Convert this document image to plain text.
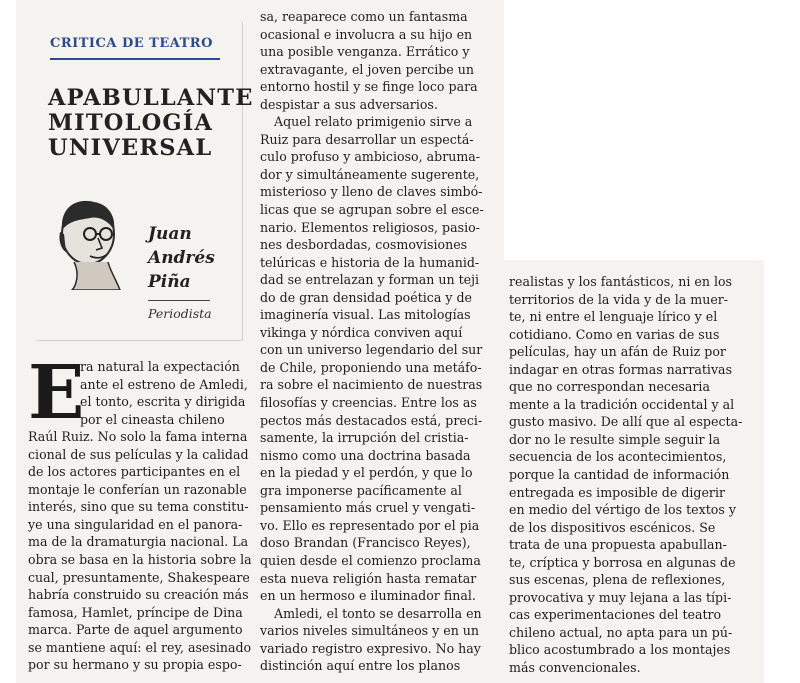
CRITICA DE TEATRO
APABULLANTE
MITOLOGÍA
UNIVERSAL
Juan
Andrés
Piña
Periodista
E
ra natural la expectación
ante el estreno de Amledi,
el tonto, escrita y dirigida
por el cineasta chileno
Raúl Ruiz. No solo la fama interna
cional de sus películas y la calidad
de los actores participantes en el
montaje le conferían un razonable
interés, sino que su tema constitu-
ye una singularidad en el panora-
ma de la dramaturgia nacional. La
obra se basa en la historia sobre la
cual, presuntamente, Shakespeare
habría construido su creación más
famosa, Hamlet, príncipe de Dina
marca. Parte de aquel argumento
se mantiene aquí: el rey, asesinado
por su hermano y su propia espo-
sa, reaparece como un fantasma
ocasional e involucra a su hijo en
una posible venganza. Errático y
extravagante, el joven percibe un
entorno hostil y se finge loco para
despistar a sus adversarios.
Aquel relato primigenio sirve a
Ruiz para desarrollar un espectá-
culo profuso y ambicioso, abruma-
dor y simultáneamente sugerente,
misterioso y lleno de claves simbó-
licas que se agrupan sobre el esce-
nario. Elementos religiosos, pasio-
nes desbordadas, cosmovisiones
telúricas e historia de la humanid-
dad se entrelazan y forman un teji
do de gran densidad poética y de
imaginería visual. Las mitologías
vikinga y nórdica conviven aquí
con un universo legendario del sur
de Chile, proponiendo una metáfo-
ra sobre el nacimiento de nuestras
filosofías y creencias. Entre los as
pectos más destacados está, preci-
samente, la irrupción del cristia-
nismo como una doctrina basada
en la piedad y el perdón, y que lo
gra imponerse pacíficamente al
pensamiento más cruel y vengati-
vo. Ello es representado por el pia
doso Brandan (Francisco Reyes),
quien desde el comienzo proclama
esta nueva religión hasta rematar
en un hermoso e iluminador final.
Amledi, el tonto se desarrolla en
varios niveles simultáneos y en un
variado registro expresivo. No hay
distinción aquí entre los planos
realistas y los fantásticos, ni en los
territorios de la vida y de la muer-
te, ni entre el lenguaje lírico y el
cotidiano. Como en varias de sus
películas, hay un afán de Ruiz por
indagar en otras formas narrativas
que no correspondan necesaria
mente a la tradición occidental y al
gusto masivo. De allí que al especta-
dor no le resulte simple seguir la
secuencia de los acontecimientos,
porque la cantidad de información
entregada es imposible de digerir
en medio del vértigo de los textos y
de los dispositivos escénicos. Se
trata de una propuesta apabullan-
te, críptica y borrosa en algunas de
sus escenas, plena de reflexiones,
provocativa y muy lejana a las típi-
cas experimentaciones del teatro
chileno actual, no apta para un pú-
blico acostumbrado a los montajes
más convencionales.
